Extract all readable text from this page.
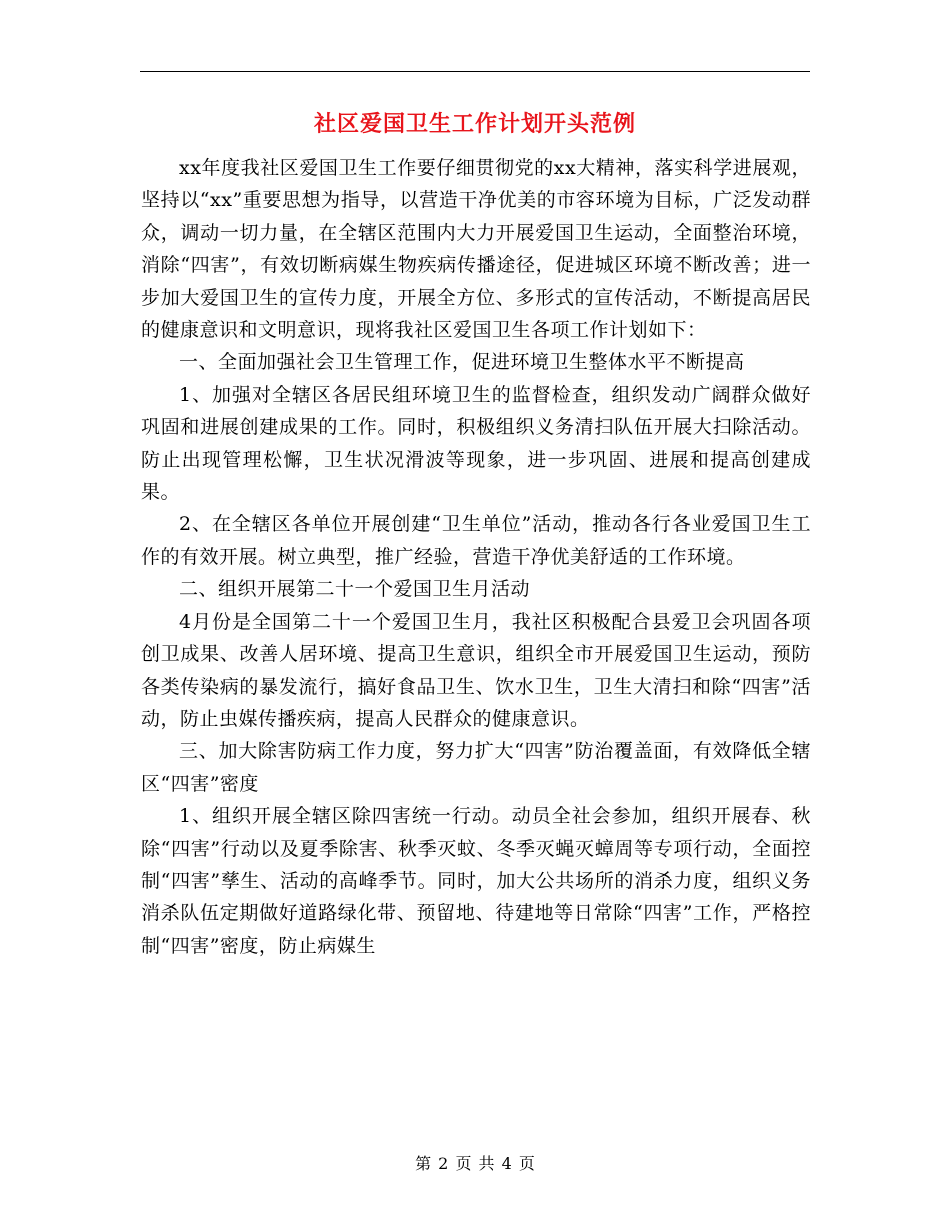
社区爱国卫生工作计划开头范例

xx年度我社区爱国卫生工作要仔细贯彻党的xx大精神，落实科学进展观，坚持以“xx”重要思想为指导，以营造干净优美的市容环境为目标，广泛发动群众，调动一切力量，在全辖区范围内大力开展爱国卫生运动，全面整治环境，消除“四害”，有效切断病媒生物疾病传播途径，促进城区环境不断改善；进一步加大爱国卫生的宣传力度，开展全方位、多形式的宣传活动，不断提高居民的健康意识和文明意识，现将我社区爱国卫生各项工作计划如下：

一、全面加强社会卫生管理工作，促进环境卫生整体水平不断提高

1、加强对全辖区各居民组环境卫生的监督检查，组织发动广阔群众做好巩固和进展创建成果的工作。同时，积极组织义务清扫队伍开展大扫除活动。防止出现管理松懈，卫生状况滑波等现象，进一步巩固、进展和提高创建成果。

2、在全辖区各单位开展创建“卫生单位”活动，推动各行各业爱国卫生工作的有效开展。树立典型，推广经验，营造干净优美舒适的工作环境。

二、组织开展第二十一个爱国卫生月活动

4月份是全国第二十一个爱国卫生月，我社区积极配合县爱卫会巩固各项创卫成果、改善人居环境、提高卫生意识，组织全市开展爱国卫生运动，预防各类传染病的暴发流行，搞好食品卫生、饮水卫生，卫生大清扫和除“四害”活动，防止虫媒传播疾病，提高人民群众的健康意识。

三、加大除害防病工作力度，努力扩大“四害”防治覆盖面，有效降低全辖区“四害”密度

1、组织开展全辖区除四害统一行动。动员全社会参加，组织开展春、秋除“四害”行动以及夏季除害、秋季灭蚊、冬季灭蝇灭蟑周等专项行动，全面控制“四害”孳生、活动的高峰季节。同时，加大公共场所的消杀力度，组织义务消杀队伍定期做好道路绿化带、预留地、待建地等日常除“四害”工作，严格控制“四害”密度，防止病媒生

第 2 页 共 4 页
